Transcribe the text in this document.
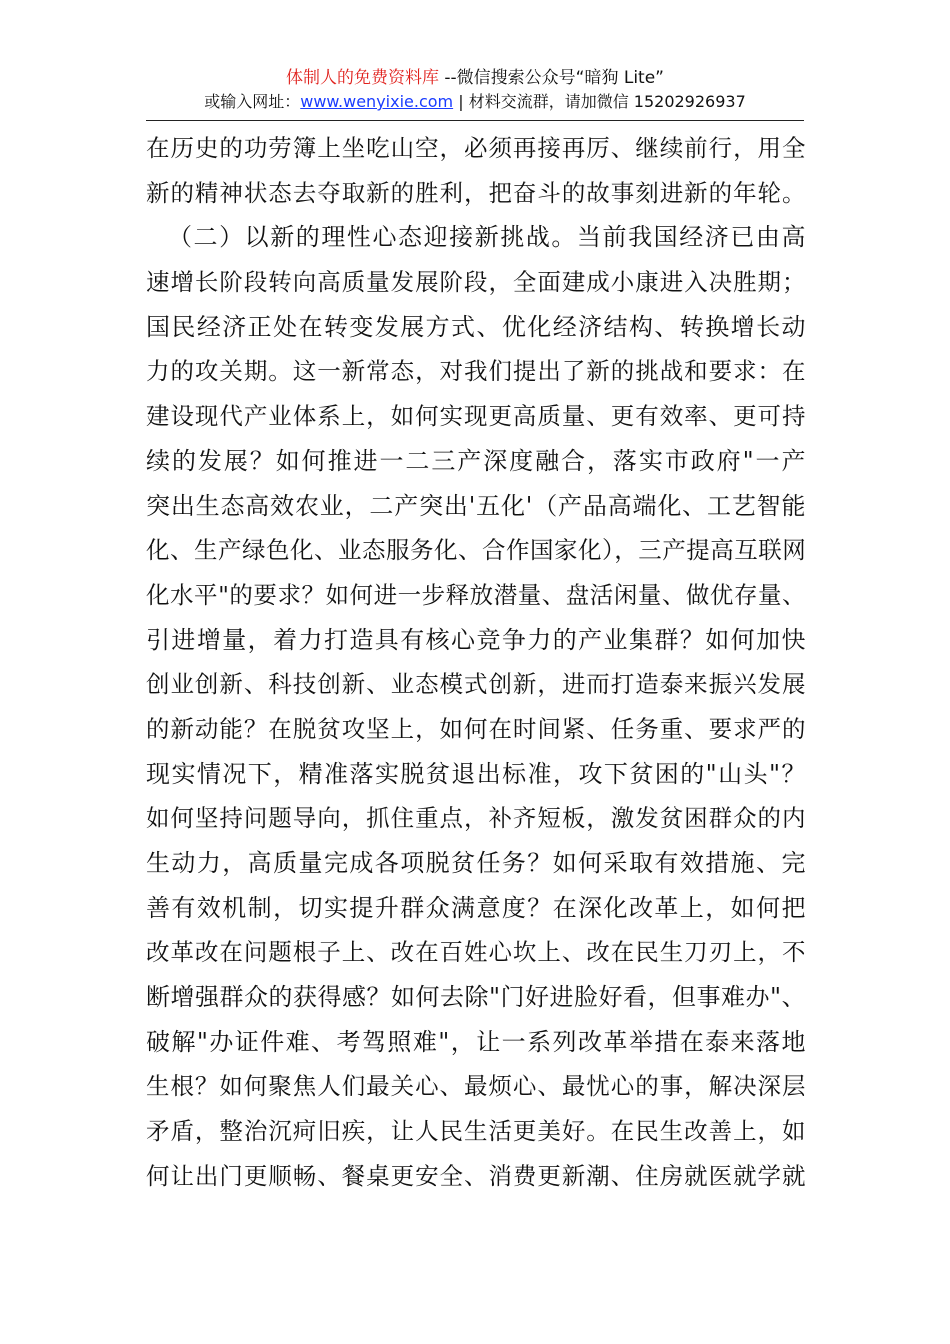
体制人的免费资料库 --微信搜索公众号“暗狗 Lite”
或输入网址：www.wenyixie.com | 材料交流群，请加微信 15202926937
在历史的功劳簿上坐吃山空，必须再接再厉、继续前行，用全
新的精神状态去夺取新的胜利，把奋斗的故事刻进新的年轮。
（二）以新的理性心态迎接新挑战。当前我国经济已由高
速增长阶段转向高质量发展阶段，全面建成小康进入决胜期；
国民经济正处在转变发展方式、优化经济结构、转换增长动
力的攻关期。这一新常态，对我们提出了新的挑战和要求：在
建设现代产业体系上，如何实现更高质量、更有效率、更可持
续的发展？如何推进一二三产深度融合，落实市政府"一产
突出生态高效农业，二产突出'五化'（产品高端化、工艺智能
化、生产绿色化、业态服务化、合作国家化），三产提高互联网
化水平"的要求？如何进一步释放潜量、盘活闲量、做优存量、
引进增量，着力打造具有核心竞争力的产业集群？如何加快
创业创新、科技创新、业态模式创新，进而打造泰来振兴发展
的新动能？在脱贫攻坚上，如何在时间紧、任务重、要求严的
现实情况下，精准落实脱贫退出标准，攻下贫困的"山头"？
如何坚持问题导向，抓住重点，补齐短板，激发贫困群众的内
生动力，高质量完成各项脱贫任务？如何采取有效措施、完
善有效机制，切实提升群众满意度？在深化改革上，如何把
改革改在问题根子上、改在百姓心坎上、改在民生刀刃上，不
断增强群众的获得感？如何去除"门好进脸好看，但事难办"、
破解"办证件难、考驾照难"，让一系列改革举措在泰来落地
生根？如何聚焦人们最关心、最烦心、最忧心的事，解决深层
矛盾，整治沉疴旧疾，让人民生活更美好。在民生改善上，如
何让出门更顺畅、餐桌更安全、消费更新潮、住房就医就学就
